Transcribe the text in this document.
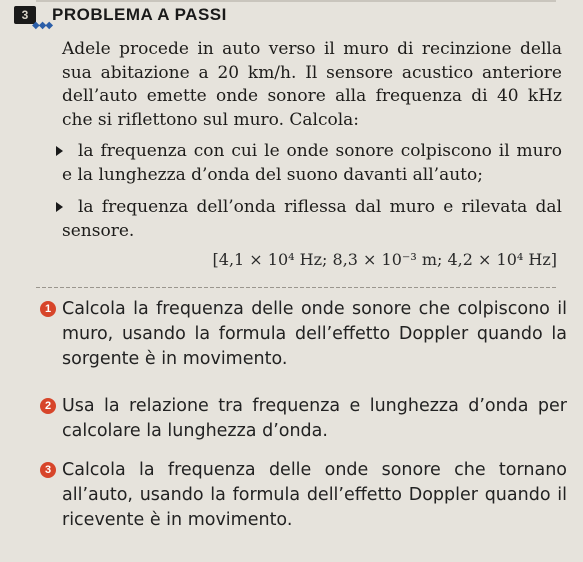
3
◆◆◆
PROBLEMA A PASSI
Adele procede in auto verso il muro di recinzione della sua abitazione a 20 km/h. Il sensore acustico anteriore dell’auto emette onde sonore alla frequenza di 40 kHz che si riflettono sul muro. Calcola:
la frequenza con cui le onde sonore colpiscono il muro e la lunghezza d’onda del suono davanti all’auto;
la frequenza dell’onda riflessa dal muro e rilevata dal sensore.
[4,1 × 10⁴ Hz; 8,3 × 10⁻³ m; 4,2 × 10⁴ Hz]
1 Calcola la frequenza delle onde sonore che colpiscono il muro, usando la formula dell’effetto Doppler quando la sorgente è in movimento.
2 Usa la relazione tra frequenza e lunghezza d’onda per calcolare la lunghezza d’onda.
3 Calcola la frequenza delle onde sonore che tornano all’auto, usando la formula dell’effetto Doppler quando il ricevente è in movimento.
